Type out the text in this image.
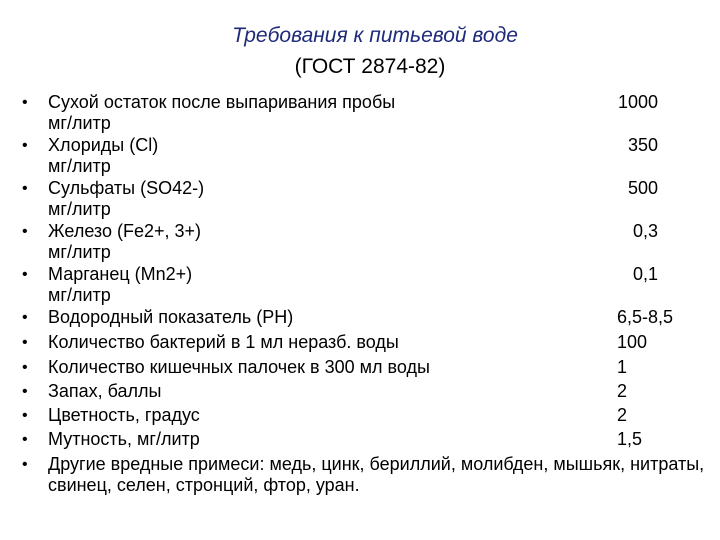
Требования к питьевой воде
(ГОСТ 2874-82)
• Сухой остаток после выпаривания пробы	1000
мг/литр
• Хлориды (Cl)	350
мг/литр
• Сульфаты (SO42-)	500
мг/литр
• Железо (Fe2+, 3+)	0,3
мг/литр
• Марганец (Mn2+)	0,1
мг/литр
• Водородный показатель (РН)	6,5-8,5
• Количество бактерий в 1 мл неразб. воды	100
• Количество кишечных палочек в 300 мл воды	1
• Запах, баллы	2
• Цветность, градус	2
• Мутность, мг/литр	1,5
• Другие вредные примеси: медь, цинк, бериллий, молибден, мышьяк, нитраты, свинец, селен, стронций, фтор, уран.
